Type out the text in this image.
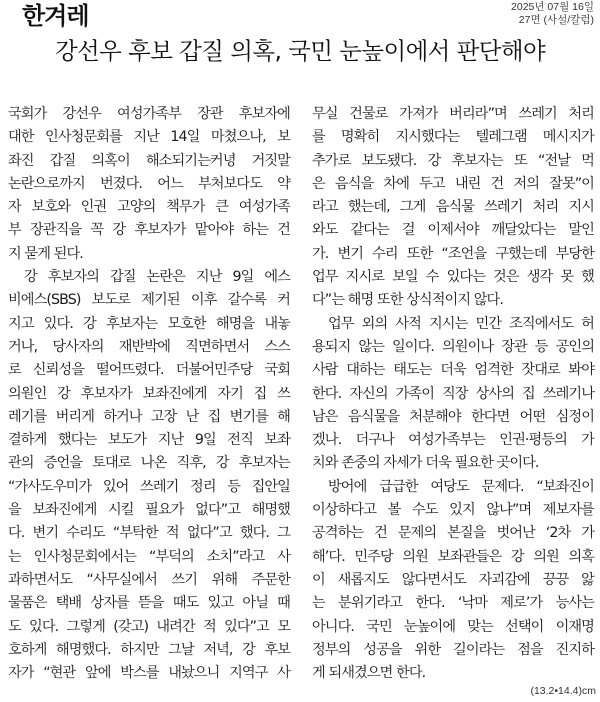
한겨레	2025년 07월 16일
27면 (사설/칼럼)
강선우 후보 갑질 의혹, 국민 눈높이에서 판단해야
국회가 강선우 여성가족부 장관 후보자에
대한 인사청문회를 지난 14일 마쳤으나, 보
좌진 갑질 의혹이 해소되기는커녕 거짓말
논란으로까지 번졌다. 어느 부처보다도 약
자 보호와 인권 고양의 책무가 큰 여성가족
부 장관직을 꼭 강 후보자가 맡아야 하는 건
지 묻게 된다.
강 후보자의 갑질 논란은 지난 9일 에스
비에스(SBS) 보도로 제기된 이후 갈수록 커
지고 있다. 강 후보자는 모호한 해명을 내놓
거나, 당사자의 재반박에 직면하면서 스스
로 신뢰성을 떨어뜨렸다. 더불어민주당 국회
의원인 강 후보자가 보좌진에게 자기 집 쓰
레기를 버리게 하거나 고장 난 집 변기를 해
결하게 했다는 보도가 지난 9일 전직 보좌
관의 증언을 토대로 나온 직후, 강 후보자는
“가사도우미가 있어 쓰레기 정리 등 집안일
을 보좌진에게 시킬 필요가 없다”고 해명했
다. 변기 수리도 “부탁한 적 없다”고 했다. 그
는 인사청문회에서는 “부덕의 소치”라고 사
과하면서도 “사무실에서 쓰기 위해 주문한
물품은 택배 상자를 뜯을 때도 있고 아닐 때
도 있다. 그렇게 (갖고) 내려간 적 있다”고 모
호하게 해명했다. 하지만 그날 저녁, 강 후보
자가 “현관 앞에 박스를 내놨으니 지역구 사
무실 건물로 가져가 버리라”며 쓰레기 처리
를 명확히 지시했다는 텔레그램 메시지가
추가로 보도됐다. 강 후보자는 또 “전날 먹
은 음식을 차에 두고 내린 건 저의 잘못”이
라고 했는데, 그게 음식물 쓰레기 처리 지시
와도 같다는 걸 이제서야 깨달았다는 말인
가. 변기 수리 또한 “조언을 구했는데 부당한
업무 지시로 보일 수 있다는 것은 생각 못 했
다”는 해명 또한 상식적이지 않다.
업무 외의 사적 지시는 민간 조직에서도 허
용되지 않는 일이다. 의원이나 장관 등 공인의
사람 대하는 태도는 더욱 엄격한 잣대로 봐야
한다. 자신의 가족이 직장 상사의 집 쓰레기나
남은 음식물을 처분해야 한다면 어떤 심정이
겠나. 더구나 여성가족부는 인권·평등의 가
치와 존중의 자세가 더욱 필요한 곳이다.
방어에 급급한 여당도 문제다. “보좌진이
이상하다고 볼 수도 있지 않냐”며 제보자를
공격하는 건 문제의 본질을 벗어난 ‘2차 가
해’다. 민주당 의원 보좌관들은 강 의원 의혹
이 새롭지도 않다면서도 자괴감에 끙끙 앓
는 분위기라고 한다. ‘낙마 제로’가 능사는
아니다. 국민 눈높이에 맞는 선택이 이재명
정부의 성공을 위한 길이라는 점을 진지하
게 되새겼으면 한다.
(13.2•14.4)cm
